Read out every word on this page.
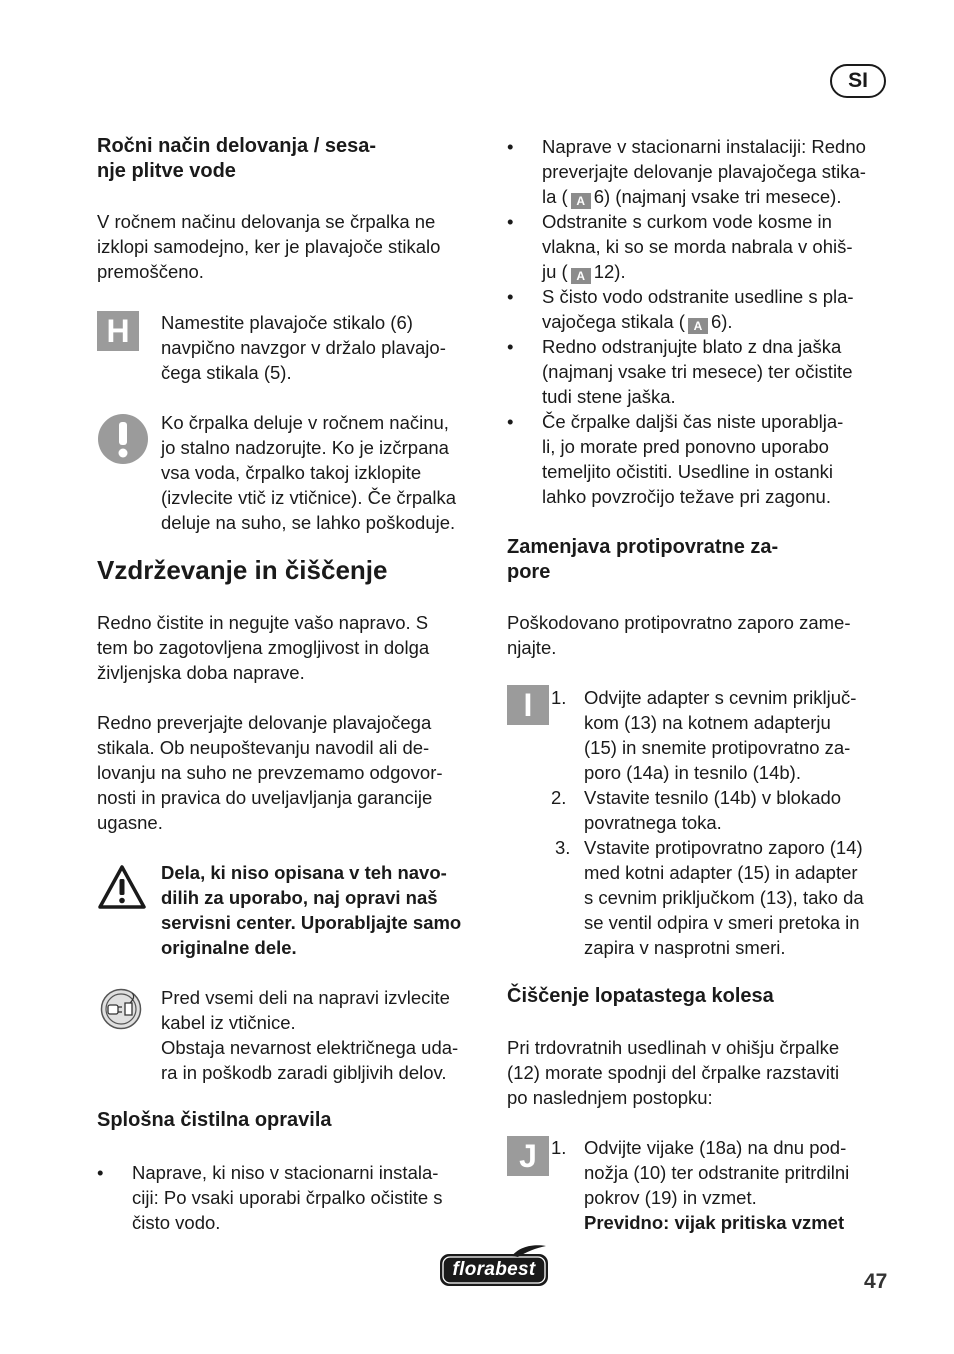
SI
Ročni način delovanja / sesa-
nje plitve vode
V ročnem načinu delovanja se črpalka ne
izklopi samodejno, ker je plavajoče stikalo
premoščeno.
H	Namestite plavajoče stikalo (6)
navpično navzgor v držalo plavajo-
čega stikala (5).
Ko črpalka deluje v ročnem načinu,
jo stalno nadzorujte. Ko je izčrpana
vsa voda, črpalko takoj izklopite
(izvlecite vtič iz vtičnice). Če črpalka
deluje na suho, se lahko poškoduje.
Vzdrževanje in čiščenje
Redno čistite in negujte vašo napravo. S
tem bo zagotovljena zmogljivost in dolga
življenjska doba naprave.
Redno preverjajte delovanje plavajočega
stikala. Ob neupoštevanju navodil ali de-
lovanju na suho ne prevzemamo odgovor-
nosti in pravica do uveljavljanja garancije
ugasne.
Dela, ki niso opisana v teh navo-
dilih za uporabo, naj opravi naš
servisni center. Uporabljajte samo
originalne dele.
Pred vsemi deli na napravi izvlecite
kabel iz vtičnice.
Obstaja nevarnost električnega uda-
ra in poškodb zaradi gibljivih delov.
Splošna čistilna opravila
• Naprave, ki niso v stacionarni instala-
ciji: Po vsaki uporabi črpalko očistite s
čisto vodo.
• Naprave v stacionarni instalaciji: Redno
preverjajte delovanje plavajočega stika-
la ( A 6) (najmanj vsake tri mesece).
• Odstranite s curkom vode kosme in
vlakna, ki so se morda nabrala v ohiš-
ju ( A 12).
• S čisto vodo odstranite usedline s pla-
vajočega stikala ( A 6).
• Redno odstranjujte blato z dna jaška
(najmanj vsake tri mesece) ter očistite
tudi stene jaška.
• Če črpalke daljši čas niste uporablja-
li, jo morate pred ponovno uporabo
temeljito očistiti. Usedline in ostanki
lahko povzročijo težave pri zagonu.
Zamenjava protipovratne za-
pore
Poškodovano protipovratno zaporo zame-
njajte.
I	1. Odvijte adapter s cevnim priključ-
kom (13) na kotnem adapterju
(15) in snemite protipovratno za-
poro (14a) in tesnilo (14b).
2. Vstavite tesnilo (14b) v blokado
povratnega toka.
3. Vstavite protipovratno zaporo (14)
med kotni adapter (15) in adapter
s cevnim priključkom (13), tako da
se ventil odpira v smeri pretoka in
zapira v nasprotni smeri.
Čiščenje lopatastega kolesa
Pri trdovratnih usedlinah v ohišju črpalke
(12) morate spodnji del črpalke razstaviti
po naslednjem postopku:
J 1. Odvijte vijake (18a) na dnu pod-
nožja (10) ter odstranite pritrdilni
pokrov (19) in vzmet.
Previdno: vijak pritiska vzmet
florabest
47
